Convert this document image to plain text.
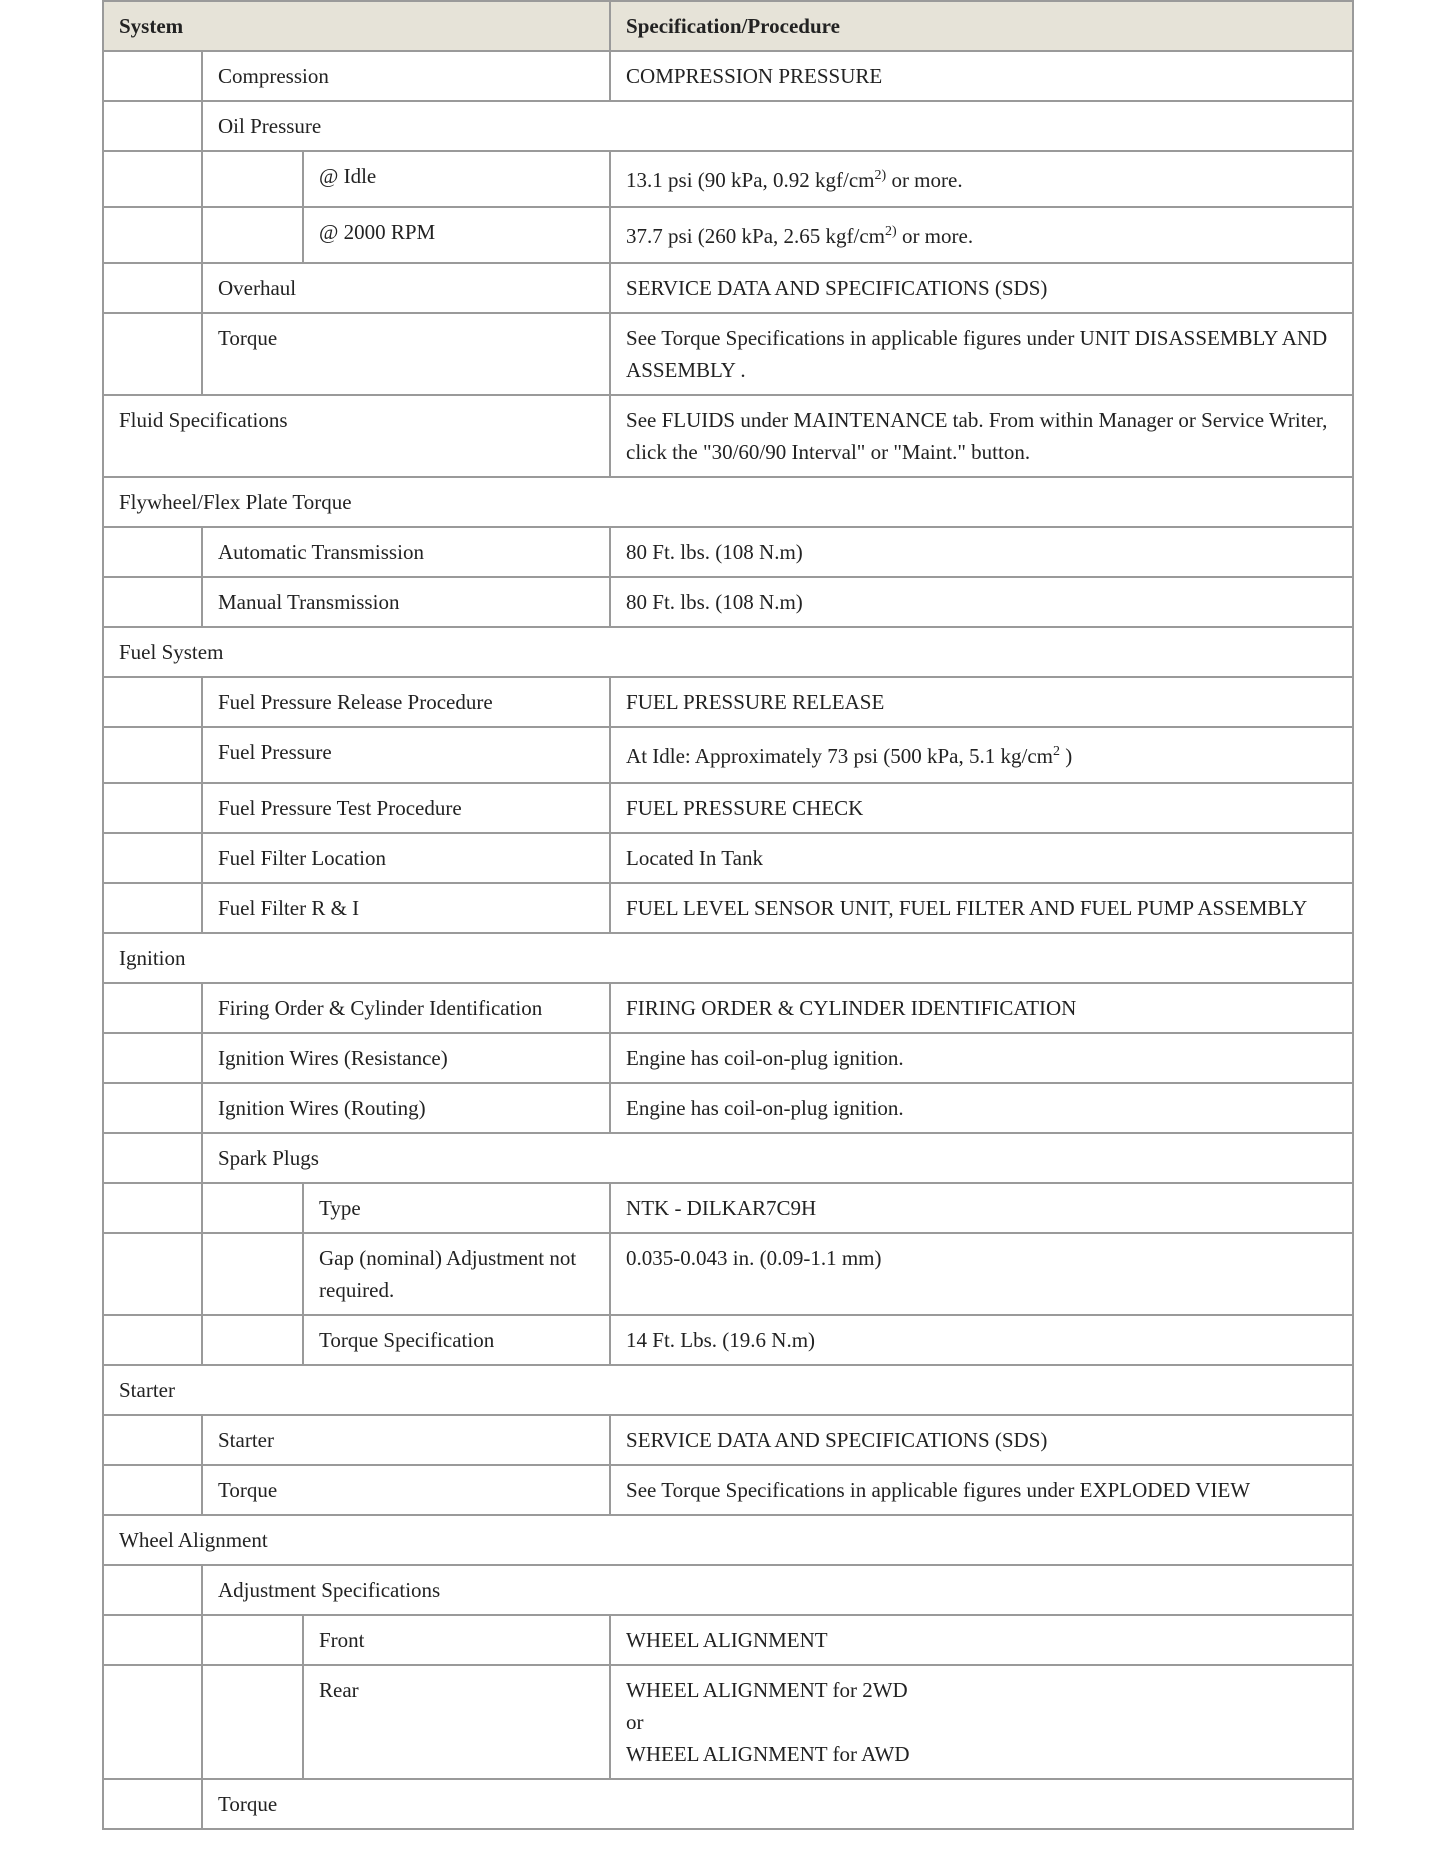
System			Specification/Procedure
	Compression		COMPRESSION PRESSURE
	Oil Pressure		
		@ Idle	13.1 psi (90 kPa, 0.92 kgf/$cm^{2)}$ or more.
		@ 2000 RPM	37.7 psi (260 kPa, 2.65 kgf/$cm^{2)}$ or more.
	Overhaul		SERVICE DATA AND SPECIFICATIONS (SDS)
	Torque		See Torque Specifications in applicable figures under UNIT DISASSEMBLY AND ASSEMBLY .
Fluid Specifications			See FLUIDS under MAINTENANCE tab. From within Manager or Service Writer, click the "30/60/90 Interval" or "Maint." button.
Flywheel/Flex Plate Torque			
	Automatic Transmission		80 Ft. lbs. (108 N.m)
	Manual Transmission		80 Ft. lbs. (108 N.m)
Fuel System			
	Fuel Pressure Release Procedure		FUEL PRESSURE RELEASE
	Fuel Pressure		At Idle: Approximately 73 psi (500 kPa, 5.1 $kg/cm^2$ )
	Fuel Pressure Test Procedure		FUEL PRESSURE CHECK
	Fuel Filter Location		Located In Tank
	Fuel Filter R & I		FUEL LEVEL SENSOR UNIT, FUEL FILTER AND FUEL PUMP ASSEMBLY
Ignition			
	Firing Order & Cylinder Identification		FIRING ORDER & CYLINDER IDENTIFICATION
	Ignition Wires (Resistance)		Engine has coil-on-plug ignition.
	Ignition Wires (Routing)		Engine has coil-on-plug ignition.
	Spark Plugs		
		Type	NTK - DILKAR7C9H
		Gap (nominal) Adjustment not required.	0.035-0.043 in. (0.09-1.1 mm)
		Torque Specification	14 Ft. Lbs. (19.6 N.m)
Starter			
	Starter		SERVICE DATA AND SPECIFICATIONS (SDS)
	Torque		See Torque Specifications in applicable figures under EXPLODED VIEW
Wheel Alignment			
	Adjustment Specifications		
		Front	WHEEL ALIGNMENT
		Rear	WHEEL ALIGNMENT for 2WD
or
WHEEL ALIGNMENT for AWD

	Torque		
